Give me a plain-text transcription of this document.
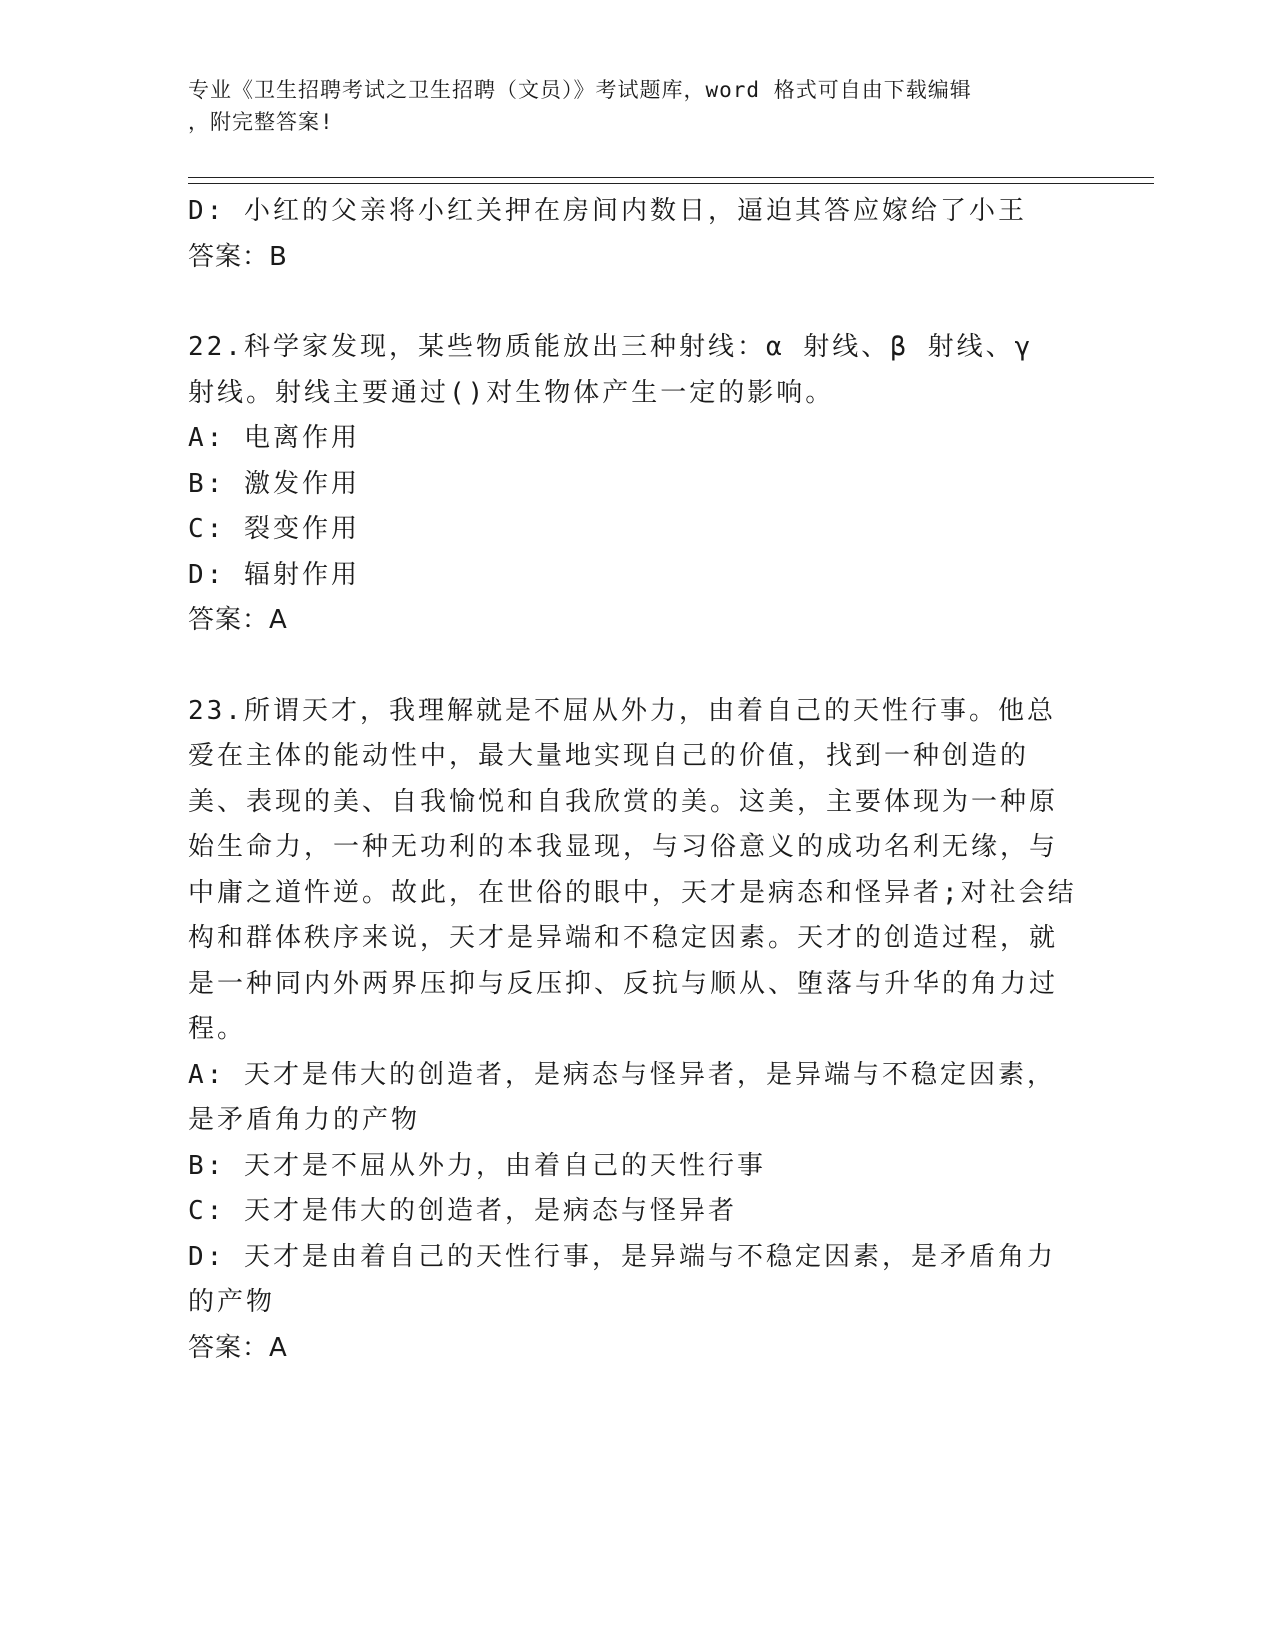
专业《卫生招聘考试之卫生招聘（文员）》考试题库，word 格式可自由下载编辑
，附完整答案!

D: 小红的父亲将小红关押在房间内数日，逼迫其答应嫁给了小王

答案：B

22.科学家发现，某些物质能放出三种射线：α 射线、β 射线、γ 射线。射线主要通过()对生物体产生一定的影响。

A: 电离作用

B: 激发作用

C: 裂变作用

D: 辐射作用

答案：A

23.所谓天才，我理解就是不屈从外力，由着自己的天性行事。他总爱在主体的能动性中，最大量地实现自己的价值，找到一种创造的美、表现的美、自我愉悦和自我欣赏的美。这美，主要体现为一种原始生命力，一种无功利的本我显现，与习俗意义的成功名利无缘，与中庸之道忤逆。故此，在世俗的眼中，天才是病态和怪异者;对社会结构和群体秩序来说，天才是异端和不稳定因素。天才的创造过程，就是一种同内外两界压抑与反压抑、反抗与顺从、堕落与升华的角力过程。

A: 天才是伟大的创造者，是病态与怪异者，是异端与不稳定因素，是矛盾角力的产物

B: 天才是不屈从外力，由着自己的天性行事

C: 天才是伟大的创造者，是病态与怪异者

D: 天才是由着自己的天性行事，是异端与不稳定因素，是矛盾角力的产物

答案：A
